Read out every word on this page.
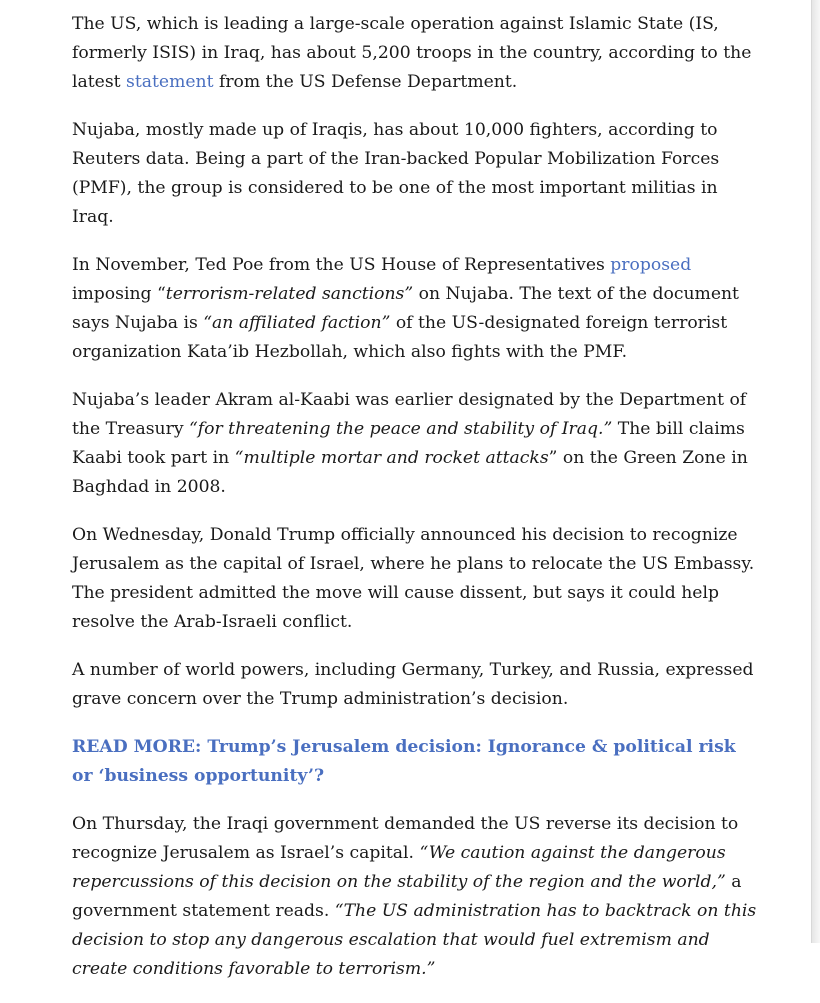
The US, which is leading a large-scale operation against Islamic State (IS, formerly ISIS) in Iraq, has about 5,200 troops in the country, according to the latest statement from the US Defense Department.

Nujaba, mostly made up of Iraqis, has about 10,000 fighters, according to Reuters data. Being a part of the Iran-backed Popular Mobilization Forces (PMF), the group is considered to be one of the most important militias in Iraq.

In November, Ted Poe from the US House of Representatives proposed imposing “terrorism-related sanctions” on Nujaba. The text of the document says Nujaba is “an affiliated faction” of the US-designated foreign terrorist organization Kata’ib Hezbollah, which also fights with the PMF.

Nujaba’s leader Akram al-Kaabi was earlier designated by the Department of the Treasury “for threatening the peace and stability of Iraq.” The bill claims Kaabi took part in “multiple mortar and rocket attacks” on the Green Zone in Baghdad in 2008.

On Wednesday, Donald Trump officially announced his decision to recognize Jerusalem as the capital of Israel, where he plans to relocate the US Embassy. The president admitted the move will cause dissent, but says it could help resolve the Arab-Israeli conflict.

A number of world powers, including Germany, Turkey, and Russia, expressed grave concern over the Trump administration’s decision.

READ MORE: Trump’s Jerusalem decision: Ignorance & political risk or ‘business opportunity’?

On Thursday, the Iraqi government demanded the US reverse its decision to recognize Jerusalem as Israel’s capital. “We caution against the dangerous repercussions of this decision on the stability of the region and the world,” a government statement reads. “The US administration has to backtrack on this decision to stop any dangerous escalation that would fuel extremism and create conditions favorable to terrorism.”
